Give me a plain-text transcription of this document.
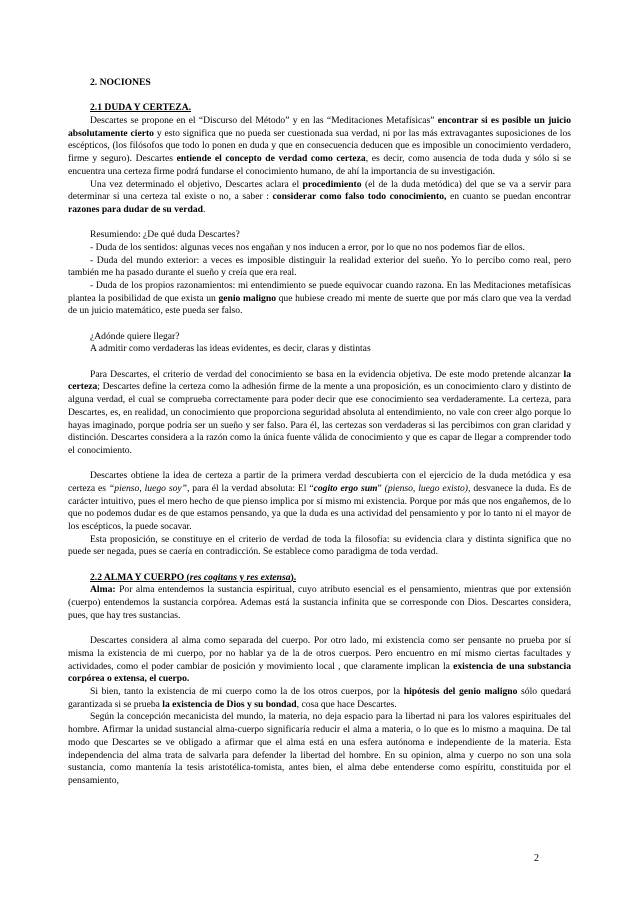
2. NOCIONES
2.1 DUDA Y CERTEZA.

Descartes se propone en el “Discurso del Método” y en las “Meditaciones Metafísicas” encontrar si es posible un juicio absolutamente cierto y esto significa que no pueda ser cuestionada sua verdad, ni por las más extravagantes suposiciones de los escépticos, (los filósofos que todo lo ponen en duda y que en consecuencia deducen que es imposible un conocimiento verdadero, firme y seguro). Descartes entiende el concepto de verdad como certeza, es decir, como ausencia de toda duda y sólo si se encuentra una certeza firme podrá fundarse el conocimiento humano, de ahí la importancia de su investigación.

Una vez determinado el objetivo, Descartes aclara el procedimiento (el de la duda metódica) del que se va a servir para determinar si una certeza tal existe o no, a saber : considerar como falso todo conocimiento, en cuanto se puedan encontrar razones para dudar de su verdad.

Resumiendo: ¿De qué duda Descartes?

- Duda de los sentidos: algunas veces nos engañan y nos inducen a error, por lo que no nos podemos fiar de ellos.

- Duda del mundo exterior: a veces es imposible distinguir la realidad exterior del sueño. Yo lo percibo como real, pero también me ha pasado durante el sueño y creía que era real.

- Duda de los propios razonamientos: mi entendimiento se puede equivocar cuando razona. En las Meditaciones metafísicas plantea la posibilidad de que exista un genio maligno que hubiese creado mi mente de suerte que por más claro que vea la verdad de un juicio matemático, este pueda ser falso.

¿Adónde quiere llegar?

A admitir como verdaderas las ideas evidentes, es decir, claras y distintas

Para Descartes, el criterio de verdad del conocimiento se basa en la evidencia objetiva. De este modo pretende alcanzar la certeza; Descartes define la certeza como la adhesión firme de la mente a una proposición, es un conocimiento claro y distinto de alguna verdad, el cual se comprueba correctamente para poder decir que ese conocimiento sea verdaderamente. La certeza, para Descartes, es, en realidad, un conocimiento que proporciona seguridad absoluta al entendimiento, no vale con creer algo porque lo hayas imaginado, porque podría ser un sueño y ser falso. Para él, las certezas son verdaderas si las percibimos con gran claridad y distinción. Descartes considera a la razón como la única fuente válida de conocimiento y que es capar de llegar a comprender todo el conocimiento.

Descartes obtiene la idea de certeza a partir de la primera verdad descubierta con el ejercicio de la duda metódica y esa certeza es “pienso, luego soy”, para él la verdad absoluta: El “cogito ergo sum” (pienso, luego existo), desvanece la duda. Es de carácter intuitivo, pues el mero hecho de que pienso implica por sí mismo mi existencia. Porque por más que nos engañemos, de lo que no podemos dudar es de que estamos pensando, ya que la duda es una actividad del pensamiento y por lo tanto ni el mayor de los escépticos, la puede socavar.

Esta proposición, se constituye en el criterio de verdad de toda la filosofía: su evidencia clara y distinta significa que no puede ser negada, pues se caería en contradicción. Se establece como paradigma de toda verdad.

2.2 ALMA Y CUERPO (res cogitans y res extensa).

Alma: Por alma entendemos la sustancia espiritual, cuyo atributo esencial es el pensamiento, mientras que por extensión (cuerpo) entendemos la sustancia corpórea. Ademas está la sustancia infinita que se corresponde con Dios. Descartes considera, pues, que hay tres sustancias.

Descartes considera al alma como separada del cuerpo. Por otro lado, mi existencia como ser pensante no prueba por sí misma la existencia de mi cuerpo, por no hablar ya de la de otros cuerpos. Pero encuentro en mí mismo ciertas facultades y actividades, como el poder cambiar de posición y movimiento local , que claramente implican la existencia de una substancia corpórea o extensa, el cuerpo.

Si bien, tanto la existencia de mi cuerpo como la de los otros cuerpos, por la hipótesis del genio maligno sólo quedará garantizada si se prueba la existencia de Dios y su bondad, cosa que hace Descartes.

Según la concepción mecanicista del mundo, la materia, no deja espacio para la libertad ni para los valores espirituales del hombre. Afirmar la unidad sustancial alma-cuerpo significaría reducir el alma a materia, o lo que es lo mismo a maquina. De tal modo que Descartes se ve obligado a afirmar que el alma está en una esfera autónoma e independiente de la materia. Esta independencia del alma trata de salvarla para defender la libertad del hombre. En su opinion, alma y cuerpo no son una sola sustancia, como mantenía la tesis aristotélica-tomista, antes bien, el alma debe entenderse como espíritu, constituida por el pensamiento,

2
